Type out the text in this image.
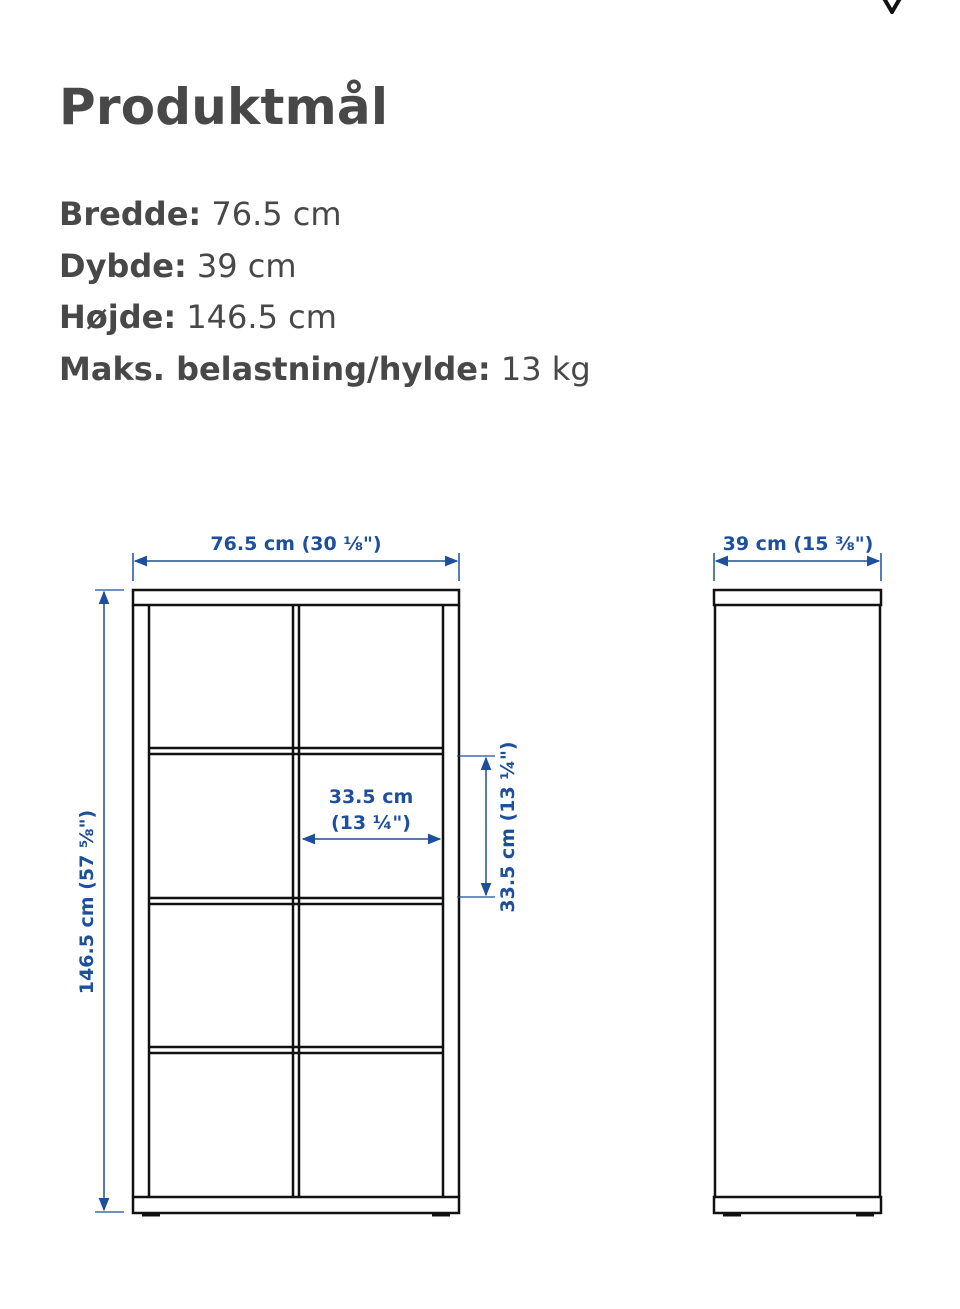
Produktmål
Bredde: 76.5 cm
Dybde: 39 cm
Højde: 146.5 cm
Maks. belastning/hylde: 13 kg
76.5 cm (30 ⅛")
146.5 cm (57 ⅝")
33.5 cm
(13 ¼")	33.5 cm (13 ¼")
39 cm (15 ⅜")
